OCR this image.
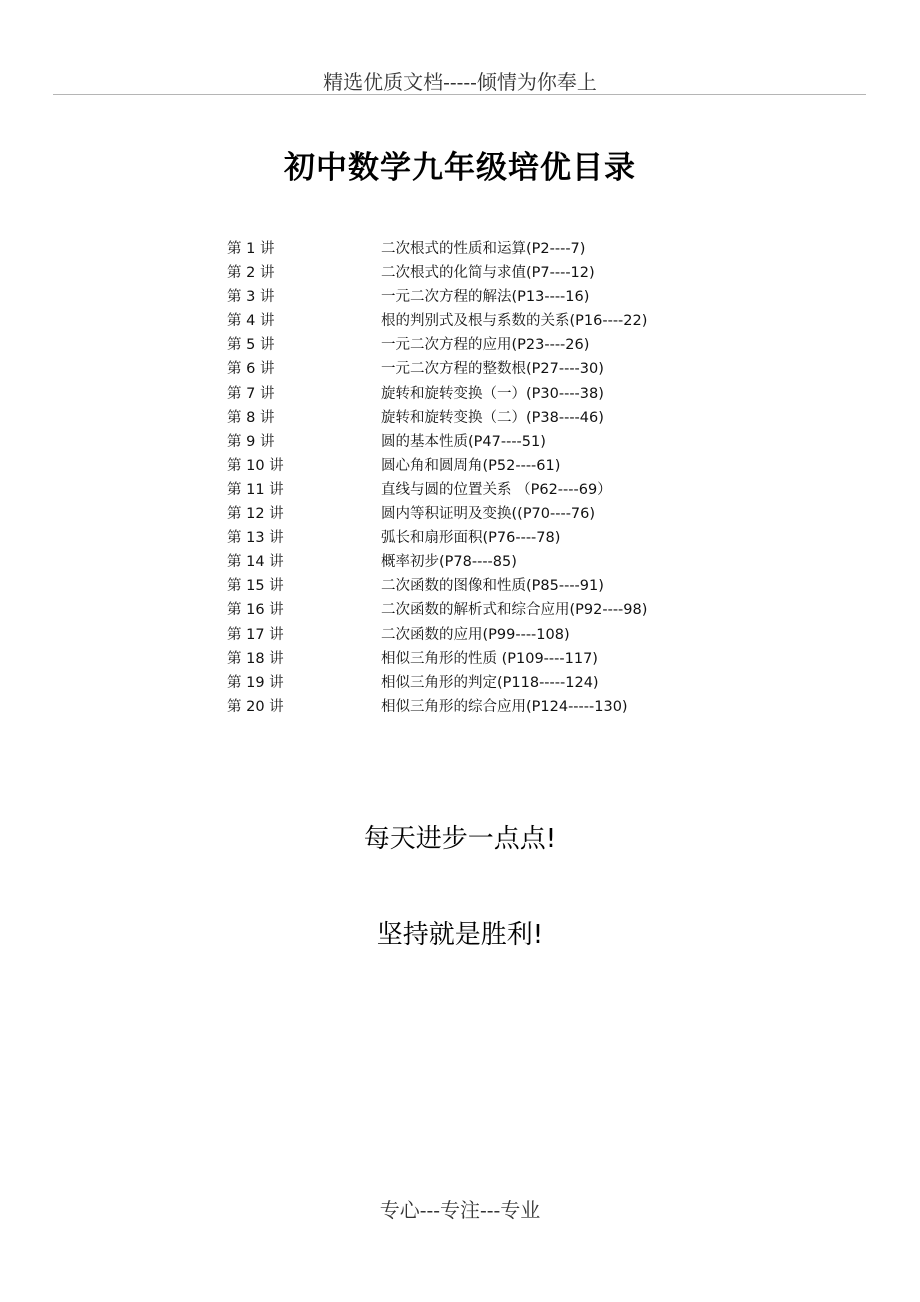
精选优质文档-----倾情为你奉上
初中数学九年级培优目录
第 1 讲	二次根式的性质和运算(P2----7)
第 2 讲	二次根式的化简与求值(P7----12)
第 3 讲	一元二次方程的解法(P13----16)
第 4 讲	根的判别式及根与系数的关系(P16----22)
第 5 讲	一元二次方程的应用(P23----26)
第 6 讲	一元二次方程的整数根(P27----30)
第 7 讲	旋转和旋转变换（一）(P30----38)
第 8 讲	旋转和旋转变换（二）(P38----46)
第 9 讲	圆的基本性质(P47----51)
第 10 讲	圆心角和圆周角(P52----61)
第 11 讲	直线与圆的位置关系 （P62----69）
第 12 讲	圆内等积证明及变换((P70----76)
第 13 讲	弧长和扇形面积(P76----78)
第 14 讲	概率初步(P78----85)
第 15 讲	二次函数的图像和性质(P85----91)
第 16 讲	二次函数的解析式和综合应用(P92----98)
第 17 讲	二次函数的应用(P99----108)
第 18 讲	相似三角形的性质 (P109----117)
第 19 讲	相似三角形的判定(P118-----124)
第 20 讲	相似三角形的综合应用(P124-----130)
每天进步一点点!
坚持就是胜利!
专心---专注---专业
